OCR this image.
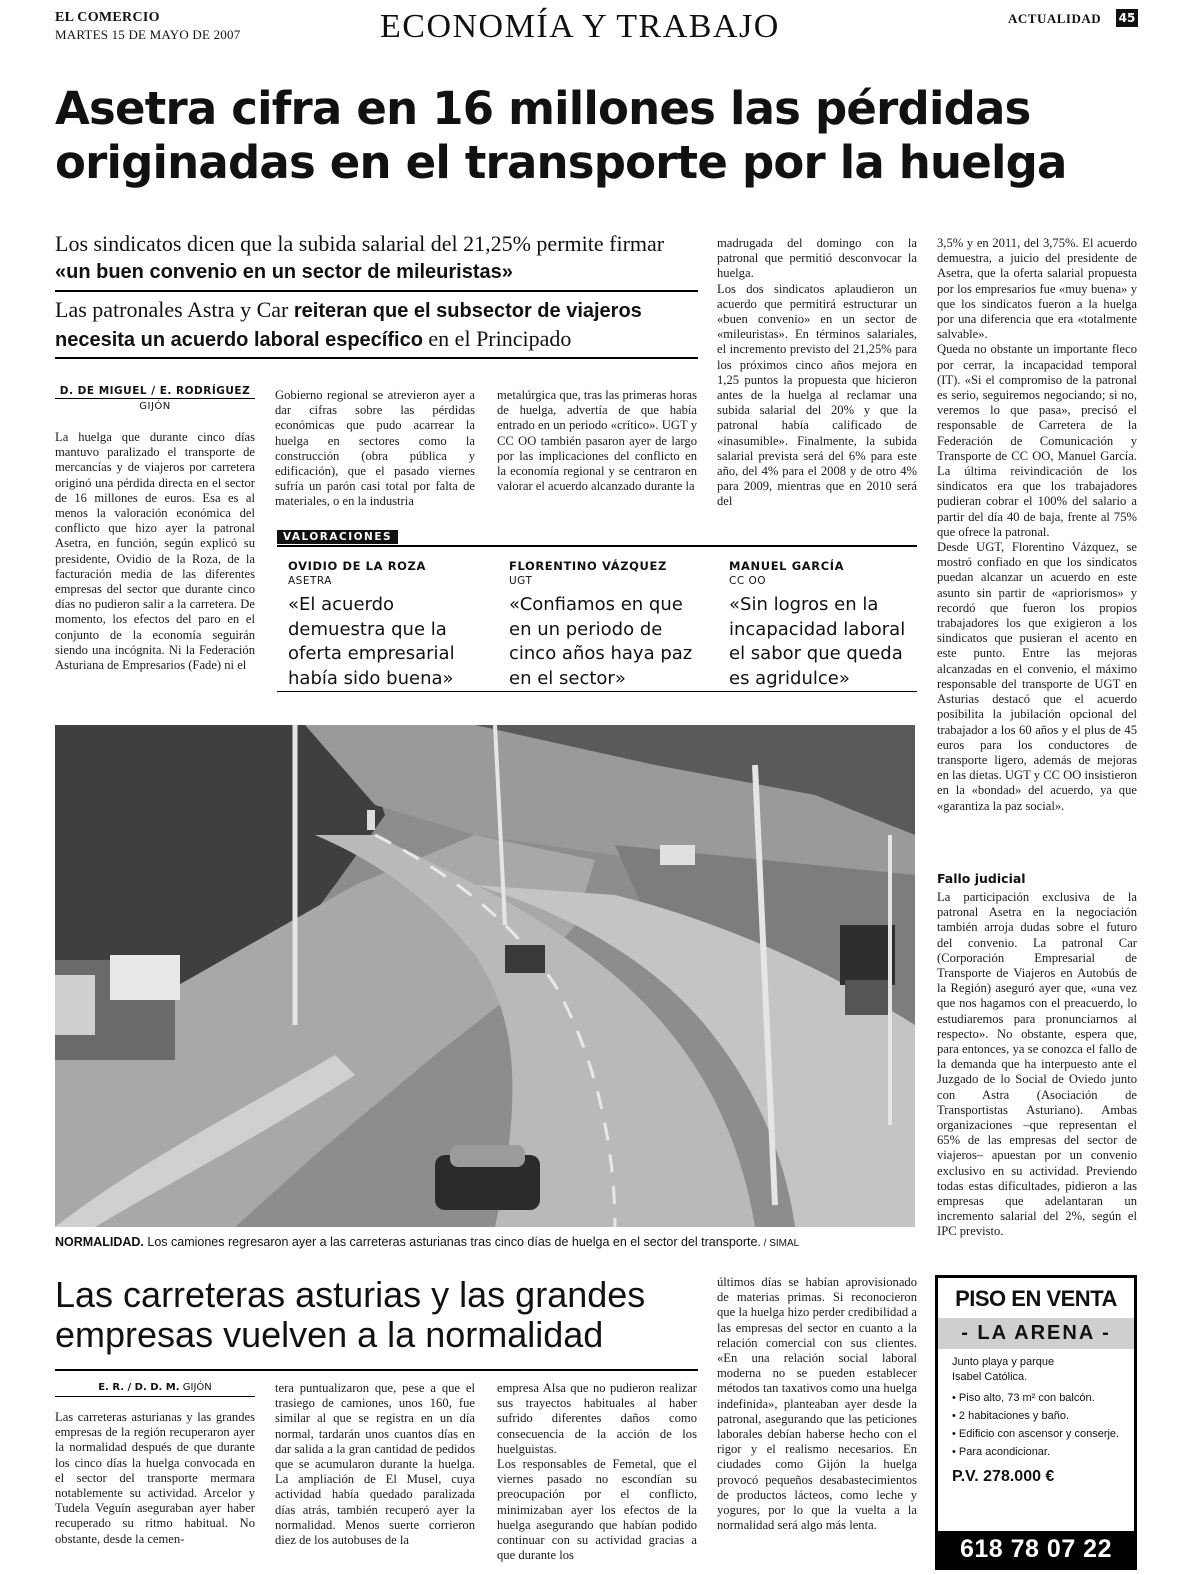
EL COMERCIO
MARTES 15 DE MAYO DE 2007	ECONOMÍA Y TRABAJO	ACTUALIDAD 45
Asetra cifra en 16 millones las pérdidas originadas en el transporte por la huelga
Los sindicatos dicen que la subida salarial del 21,25% permite firmar «un buen convenio en un sector de mileuristas»
Las patronales Astra y Car reiteran que el subsector de viajeros necesita un acuerdo laboral específico en el Principado
D. DE MIGUEL / E. RODRÍGUEZ
GIJÓN
La huelga que durante cinco días mantuvo paralizado el transporte de mercancías y de viajeros por carretera originó una pérdida directa en el sector de 16 millones de euros. Esa es al menos la valoración económica del conflicto que hizo ayer la patronal Asetra, en función, según explicó su presidente, Ovidio de la Roza, de la facturación media de las diferentes empresas del sector que durante cinco días no pudieron salir a la carretera. De momento, los efectos del paro en el conjunto de la economía seguirán siendo una incógnita. Ni la Federación Asturiana de Empresarios (Fade) ni el
Gobierno regional se atrevieron ayer a dar cifras sobre las pérdidas económicas que pudo acarrear la huelga en sectores como la construcción (obra pública y edificación), que el pasado viernes sufría un parón casi total por falta de materiales, o en la industria
metalúrgica que, tras las primeras horas de huelga, advertía de que había entrado en un periodo «crítico». UGT y CC OO también pasaron ayer de largo por las implicaciones del conflicto en la economía regional y se centraron en valorar el acuerdo alcanzado durante la
madrugada del domingo con la patronal que permitió desconvocar la huelga.
Los dos sindicatos aplaudieron un acuerdo que permitirá estructurar un «buen convenio» en un sector de «mileuristas». En términos salariales, el incremento previsto del 21,25% para los próximos cinco años mejora en 1,25 puntos la propuesta que hicieron antes de la huelga al reclamar una subida salarial del 20% y que la patronal había calificado de «inasumible». Finalmente, la subida salarial prevista será del 6% para este año, del 4% para el 2008 y de otro 4% para 2009, mientras que en 2010 será del
3,5% y en 2011, del 3,75%. El acuerdo demuestra, a juicio del presidente de Asetra, que la oferta salarial propuesta por los empresarios fue «muy buena» y que los sindicatos fueron a la huelga por una diferencia que era «totalmente salvable».
Queda no obstante un importante fleco por cerrar, la incapacidad temporal (IT). «Si el compromiso de la patronal es serio, seguiremos negociando; si no, veremos lo que pasa», precisó el responsable de Carretera de la Federación de Comunicación y Transporte de CC OO, Manuel García. La última reivindicación de los sindicatos era que los trabajadores pudieran cobrar el 100% del salario a partir del día 40 de baja, frente al 75% que ofrece la patronal.
Desde UGT, Florentino Vázquez, se mostró confiado en que los sindicatos puedan alcanzar un acuerdo en este asunto sin partir de «apriorismos» y recordó que fueron los propios trabajadores los que exigieron a los sindicatos que pusieran el acento en este punto. Entre las mejoras alcanzadas en el convenio, el máximo responsable del transporte de UGT en Asturias destacó que el acuerdo posibilita la jubilación opcional del trabajador a los 60 años y el plus de 45 euros para los conductores de transporte ligero, además de mejoras en las dietas. UGT y CC OO insistieron en la «bondad» del acuerdo, ya que «garantiza la paz social».
Fallo judicial
La participación exclusiva de la patronal Asetra en la negociación también arroja dudas sobre el futuro del convenio. La patronal Car (Corporación Empresarial de Transporte de Viajeros en Autobús de la Región) aseguró ayer que, «una vez que nos hagamos con el preacuerdo, lo estudiaremos para pronunciarnos al respecto». No obstante, espera que, para entonces, ya se conozca el fallo de la demanda que ha interpuesto ante el Juzgado de lo Social de Oviedo junto con Astra (Asociación de Transportistas Asturiano). Ambas organizaciones –que representan el 65% de las empresas del sector de viajeros– apuestan por un convenio exclusivo en su actividad. Previendo todas estas dificultades, pidieron a las empresas que adelantaran un incremento salarial del 2%, según el IPC previsto.
VALORACIONES
OVIDIO DE LA ROZA
ASETRA
«El acuerdo demuestra que la oferta empresarial había sido buena»
FLORENTINO VÁZQUEZ
UGT
«Confiamos en que en un periodo de cinco años haya paz en el sector»
MANUEL GARCÍA
CC OO
«Sin logros en la incapacidad laboral el sabor que queda es agridulce»
NORMALIDAD. Los camiones regresaron ayer a las carreteras asturianas tras cinco días de huelga en el sector del transporte. / SIMAL
Las carreteras asturias y las grandes empresas vuelven a la normalidad
E. R. / D. D. M. GIJÓN
Las carreteras asturianas y las grandes empresas de la región recuperaron ayer la normalidad después de que durante los cinco días la huelga convocada en el sector del transporte mermara notablemente su actividad. Arcelor y Tudela Veguín aseguraban ayer haber recuperado su ritmo habitual. No obstante, desde la cemen-
tera puntualizaron que, pese a que el trasiego de camiones, unos 160, fue similar al que se registra en un día normal, tardarán unos cuantos días en dar salida a la gran cantidad de pedidos que se acumularon durante la huelga. La ampliación de El Musel, cuya actividad había quedado paralizada días atrás, también recuperó ayer la normalidad. Menos suerte corrieron diez de los autobuses de la
empresa Alsa que no pudieron realizar sus trayectos habituales al haber sufrido diferentes daños como consecuencia de la acción de los huelguistas.
Los responsables de Femetal, que el viernes pasado no escondían su preocupación por el conflicto, minimizaban ayer los efectos de la huelga asegurando que habían podido continuar con su actividad gracias a que durante los
últimos días se habían aprovisionado de materias primas. Si reconocieron que la huelga hizo perder credibilidad a las empresas del sector en cuanto a la relación comercial con sus clientes. «En una relación social laboral moderna no se pueden establecer métodos tan taxativos como una huelga indefinida», planteaban ayer desde la patronal, asegurando que las peticiones laborales debían haberse hecho con el rigor y el realismo necesarios. En ciudades como Gijón la huelga provocó pequeños desabastecimientos de productos lácteos, como leche y yogures, por lo que la vuelta a la normalidad será algo más lenta.
PISO EN VENTA
- LA ARENA -
Junto playa y parque
Isabel Católica.
• Piso alto, 73 m² con balcón.
• 2 habitaciones y baño.
• Edificio con ascensor y conserje.
• Para acondicionar.
P.V. 278.000 €
618 78 07 22
